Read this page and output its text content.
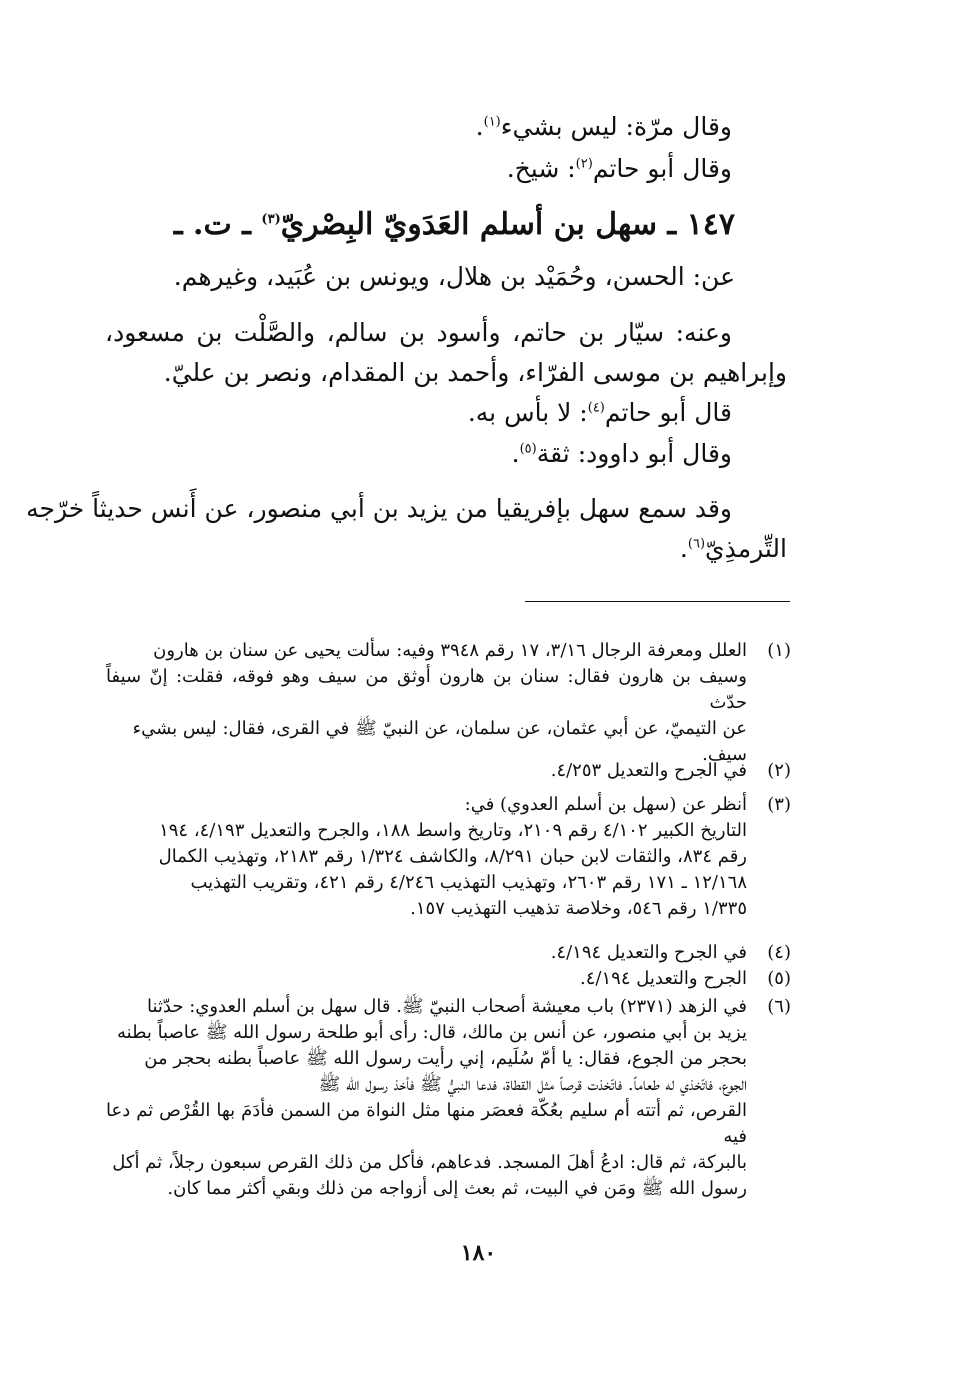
وقال مرّة: ليس بشيء$^{(١)}$.
وقال أبو حاتم$^{(٢)}$: شيخ.
١٤٧ ـ سهل بن أسلم العَدَويّ البِصْريّ$^{(٣)}$ ـ ت. ـ
عن: الحسن، وحُمَيْد بن هلال، ويونس بن عُبَيد، وغيرهم.
وعنه: سيّار بن حاتم، وأسود بن سالم، والصَّلْت بن مسعود،
وإبراهيم بن موسى الفرّاء، وأحمد بن المقدام، ونصر بن عليّ.
قال أبو حاتم$^{(٤)}$: لا بأس به.
وقال أبو داوود: ثقة$^{(٥)}$.
وقد سمع سهل بإفريقيا من يزيد بن أبي منصور، عن أَنس حديثاً خرّجه
التِّرمذِيّ$^{(٦)}$.
(١)
العلل ومعرفة الرجال ٣/١٦، ١٧ رقم ٣٩٤٨ وفيه: سألت يحيى عن سنان بن هارون
وسيف بن هارون فقال: سنان بن هارون أوثق من سيف وهو فوقه، فقلت: إنّ سيفاً حدّث
عن التيميّ، عن أبي عثمان، عن سلمان، عن النبيّ ﷺ في القرى، فقال: ليس بشيء
سيف.
(٢)
في الجرح والتعديل ٤/٢٥٣.
(٣)
أنظر عن (سهل بن أسلم العدوي) في:
التاريخ الكبير ٤/١٠٢ رقم ٢١٠٩، وتاريخ واسط ١٨٨، والجرح والتعديل ٤/١٩٣، ١٩٤
رقم ٨٣٤، والثقات لابن حبان ٨/٢٩١، والكاشف ١/٣٢٤ رقم ٢١٨٣، وتهذيب الكمال
١٢/١٦٨ ـ ١٧١ رقم ٢٦٠٣، وتهذيب التهذيب ٤/٢٤٦ رقم ٤٢١، وتقريب التهذيب
١/٣٣٥ رقم ٥٤٦، وخلاصة تذهيب التهذيب ١٥٧.
(٤)
في الجرح والتعديل ٤/١٩٤.
(٥)
الجرح والتعديل ٤/١٩٤.
(٦)
في الزهد (٢٣٧١) باب معيشة أصحاب النبيّ ﷺ. قال سهل بن أسلم العدوي: حدّثنا
يزيد بن أبي منصور، عن أنس بن مالك، قال: رأى أبو طلحة رسول الله ﷺ عاصباً بطنه
بحجر من الجوع، فقال: يا أمّ سُلَيم، إني رأيت رسول الله ﷺ عاصباً بطنه بحجر من
الجوع، فاتّخذي له طعاماً. فاتّخذت قرصاً مثل القطاة، فدعا النبيُّ ﷺ فأخذ رسول الله ﷺ
القرص، ثم أتته أم سليم بعُكّة فعصَر منها مثل النواة من السمن فأدَمَ بها القُرْص ثم دعا فيه
بالبركة، ثم قال: ادعُ أهلَ المسجد. فدعاهم، فأكل من ذلك القرص سبعون رجلاً، ثم أكل
رسول الله ﷺ ومَن في البيت، ثم بعث إلى أزواجه من ذلك وبقي أكثر مما كان.
١٨٠
